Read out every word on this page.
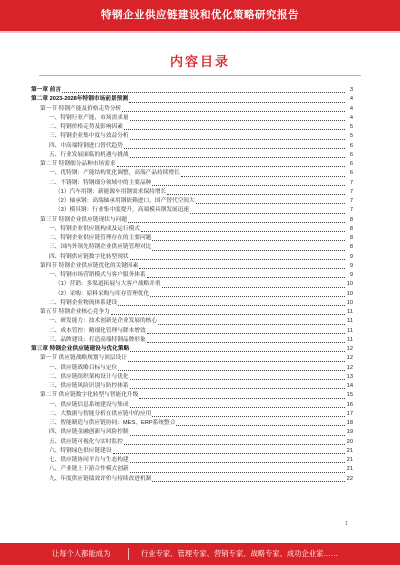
特钢企业供应链建设和优化策略研究报告
内容目录
第一章 前言	3
第二章 2023-2028年特钢市场前景预测	4
第一节 特钢产能及价格走势分析	4
一、特钢行业产能、市场需求量	4
二、特钢价格走势及影响因素	5
三、特钢企业集中度与效益分析	5
四、中高端特钢进口替代趋势	6
五、行业发展面临的机遇与挑战	6
第二节 特钢细分品种市场需求	6
一、优特钢：产能结构优化调整，高端产品持续增长	6
二、不锈钢：特钢细分领域中的主要品种	7
（1）汽车用钢：新能源车用钢需求保持增长	7
（2）轴承钢：高端轴承用钢依赖进口，国产替代空间大	7
（3）模具钢：行业集中度提升，高端模具钢发展迅速	7
第三节 特钢企业供应链现状与问题	8
一、特钢企业供应链构成及运行模式	8
二、特钢企业供应链管理存在的主要问题	8
三、国内外领先特钢企业供应链管理对比	8
四、特钢供应链数字化转型现状	9
第四节 特钢企业供应链优化的关键因素	9
一、特钢市场营销模式与客户服务体系	9
（1）营销：多渠道拓展与大客户战略并重	10
（2）采购：原料采购与库存管理优化	10
二、特钢企业物流体系建设	10
第五节 特钢企业核心竞争力	11
一、研发能力：技术创新是企业发展的核心	11
二、成本管控：精细化管理与降本增效	11
三、品牌建设：打造高端特钢品牌形象	11
第三章 特钢企业供应链建设与优化策略	12
第一节 供应链战略规划与顶层设计	12
一、供应链战略目标与定位	12
二、供应链组织架构设计与优化	13
三、供应链风险识别与防控体系	14
第二节 供应链数字化转型与智能化升级	15
一、供应链信息系统建设与集成	16
二、大数据与智能分析在供应链中的应用	17
三、智能制造与供应链协同：MES、ERP系统整合	18
四、供应链金融创新与风险控制	19
五、供应链可视化与实时监控	20
六、特钢绿色供应链建设	21
七、供应链协同平台与生态构建	21
八、产业链上下游合作模式创新	21
九、年度供应链绩效评价与持续改进机制	22
1
让每个人都能成为	行业专家、管理专家、营销专家、战略专家、成功企业家……
